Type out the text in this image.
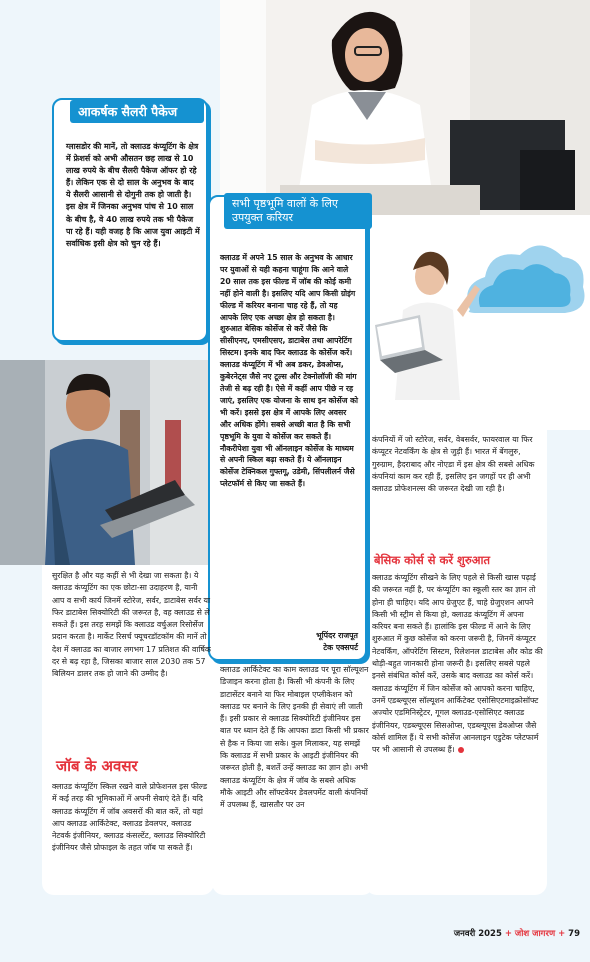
आकर्षक सैलरी पैकेज

ग्लासडोर की मानें, तो क्लाउड कंप्यूटिंग के क्षेत्र में फ्रेशर्स को अभी औसतन छह लाख से 10 लाख रुपये के बीच सैलरी पैकेज ऑफर हो रहे हैं। लेकिन एक से दो साल के अनुभव के बाद ये सैलरी आसानी से दोगुनी तक हो जाती है। इस क्षेत्र में जिनका अनुभव पांच से 10 साल के बीच है, वे 40 लाख रुपये तक भी पैकेज पा रहे हैं। यही वजह है कि आज युवा आइटी में सर्वाधिक इसी क्षेत्र को चुन रहे हैं।

सभी पृष्ठभूमि वालों के लिए
उपयुक्त करियर

क्लाउड में अपने 15 साल के अनुभव के आधार पर युवाओं से यही कहना चाहूंगा कि आने वाले 20 साल तक इस फील्ड में जॉब की कोई कमी नहीं होने वाली है। इसलिए यदि आप किसी ग्रोइंग फील्ड में करियर बनाना चाह रहे हैं, तो यह आपके लिए एक अच्छा क्षेत्र हो सकता है। शुरुआत बेसिक कोर्सेज से करें जैसे कि सीसीएनए, एमसीएसए, डाटाबेस तथा आपरेटिंग सिस्टम। इनके बाद फिर क्लाउड के कोर्सेज करें। क्लाउड कंप्यूटिंग में भी अब डकर, डेवओप्स, कुबेरनेट्स जैसे नए टूल्स और टेक्नोलॉजी की मांग तेजी से बढ़ रही है। ऐसे में कहीं आप पीछे न रह जाएं, इसलिए एक योजना के साथ इन कोर्सेज को भी करें। इससे इस क्षेत्र में आपके लिए अवसर और अधिक होंगे। सबसे अच्छी बात है कि सभी पृष्ठभूमि के युवा ये कोर्सेज कर सकते हैं। नौकरीपेशा युवा भी ऑनलाइन कोर्सेज के माध्यम से अपनी स्किल बढ़ा सकते हैं। ये ऑनलाइन कोर्सेज टेक्निकल गुफ्तगू, उडेमी, सिंपलीलर्न जैसे प्लेटफॉर्म से किए जा सकते हैं।

भूपिंदर राजपूत
टेक एक्सपर्ट

सुरक्षित है और यह कहीं से भी देखा जा सकता है। ये क्लाउड कंप्यूटिंग का एक छोटा-सा उदाहरण है, यानी आप व सभी कार्य जिनमें स्टोरेज, सर्वर, डाटाबेस सर्वर या फिर डाटाबेस सिक्योरिटी की जरूरत है, वह क्लाउड से ले सकते हैं। इस तरह समझें कि क्लाउड वर्चुअल रिसोर्सेज प्रदान करता है। मार्केट रिसर्च फ्यूचरडॉटकॉम की मानें तो देश में क्लाउड का बाजार लगभग 17 प्रतिशत की वार्षिक दर से बढ़ रहा है, जिसका बाजार साल 2030 तक 57 बिलियन डालर तक हो जाने की उम्मीद है।

जॉब के अवसर

क्लाउड कंप्यूटिंग स्किल रखने वाले प्रोफेशनल इस फील्ड में कई तरह की भूमिकाओं में अपनी सेवाएं देते हैं। यदि क्लाउड कंप्यूटिंग में जॉब अवसरों की बात करें, तो यहां आप क्लाउड आर्किटेक्ट, क्लाउड डेवलपर, क्लाउड नेटवर्क इंजीनियर, क्लाउड कंसल्टेंट, क्लाउड सिक्योरिटी इंजीनियर जैसे प्रोफाइल के तहत जॉब पा सकते हैं।

क्लाउड आर्किटेक्ट का काम क्लाउड पर पूरा सॉल्यूशन डिजाइन करना होता है। किसी भी कंपनी के लिए डाटासेंटर बनाने या फिर मोबाइल एप्लीकेशन को क्लाउड पर बनाने के लिए इनकी ही सेवाएं ली जाती हैं। इसी प्रकार से क्लाउड सिक्योरिटी इंजीनियर इस बात पर ध्यान देते हैं कि आपका डाटा किसी भी प्रकार से हैक न किया जा सके। कुल मिलाकर, यह समझें कि क्लाउड में सभी प्रकार के आइटी इंजीनियर की जरूरत होती है, बशर्ते उन्हें क्लाउड का ज्ञान हो। अभी क्लाउड कंप्यूटिंग के क्षेत्र में जॉब के सबसे अधिक मौके आइटी और सॉफ्टवेयर डेवलपमेंट वाली कंपनियों में उपलब्ध हैं, खासतौर पर उन

कंपनियों में जो स्टोरेज, सर्वर, वेबसर्वर, फायरवाल या फिर कंप्यूटर नेटवर्किंग के क्षेत्र से जुड़ी हैं। भारत में बेंगलुरु, गुरुग्राम, हैदराबाद और नोएडा में इस क्षेत्र की सबसे अधिक कंपनियां काम कर रही हैं, इसलिए इन जगहों पर ही अभी क्लाउड प्रोफेशनल्स की जरूरत देखी जा रही है।

बेसिक कोर्स से करें शुरुआत

क्लाउड कंप्यूटिंग सीखने के लिए पहले से किसी खास पढ़ाई की जरूरत नहीं है, पर कंप्यूटिंग का स्कूली स्तर का ज्ञान तो होना ही चाहिए। यदि आप ग्रेजुएट हैं, चाहे ग्रेजुएशन आपने किसी भी स्ट्रीम से किया हो, क्लाउड कंप्यूटिंग में अपना करियर बना सकते हैं। हालांकि इस फील्ड में आने के लिए शुरुआत में कुछ कोर्सेज को करना जरूरी है, जिनमें कंप्यूटर नेटवर्किंग, ऑपरेटिंग सिस्टम, रिलेशनल डाटाबेस और कोड की थोड़ी-बहुत जानकारी होना जरूरी है। इसलिए सबसे पहले इनसे संबंधित कोर्स करें, उसके बाद क्लाउड का कोर्स करें। क्लाउड कंप्यूटिंग में जिन कोर्सेज को आपको करना चाहिए, उनमें एडब्ल्यूएस सॉल्यूशन आर्किटेक्ट एसोसिएटमाइक्रोसॉफ्ट अज्योर एडमिनिस्ट्रेटर, गूगल क्लाउड-एसोसिएट क्लाउड इंजीनियर, एडब्ल्यूएस सिसओप्स, एडब्ल्यूएस डेवओप्स जैसे कोर्स शामिल हैं। ये सभी कोर्सेज आनलाइन एडुटेक प्लेटफार्म पर भी आसानी से उपलब्ध हैं।

जनवरी 2025 + जोश जागरण + 79
